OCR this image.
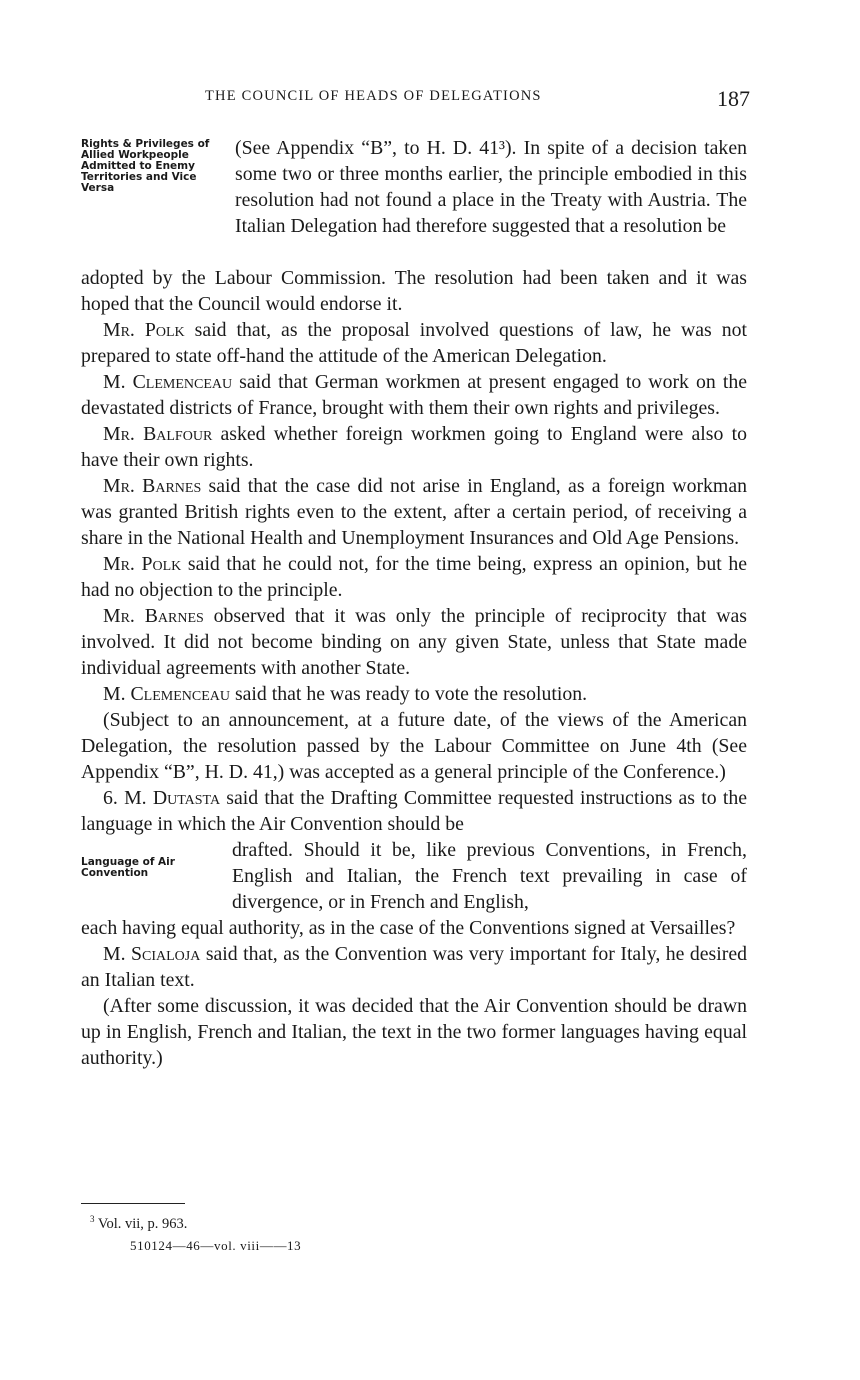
THE COUNCIL OF HEADS OF DELEGATIONS	187
Rights & Privileges of Allied Workpeople Admitted to Enemy Territories and Vice Versa

(See Appendix “B”, to H. D. 41³). In spite of a decision taken some two or three months earlier, the principle embodied in this resolution had not found a place in the Treaty with Austria. The Italian Delegation had therefore suggested that a resolution be

adopted by the Labour Commission. The resolution had been taken and it was hoped that the Council would endorse it.

Mr. Polk said that, as the proposal involved questions of law, he was not prepared to state off-hand the attitude of the American Delegation.

M. Clemenceau said that German workmen at present engaged to work on the devastated districts of France, brought with them their own rights and privileges.

Mr. Balfour asked whether foreign workmen going to England were also to have their own rights.

Mr. Barnes said that the case did not arise in England, as a foreign workman was granted British rights even to the extent, after a certain period, of receiving a share in the National Health and Unemployment Insurances and Old Age Pensions.

Mr. Polk said that he could not, for the time being, express an opinion, but he had no objection to the principle.

Mr. Barnes observed that it was only the principle of reciprocity that was involved. It did not become binding on any given State, unless that State made individual agreements with another State.

M. Clemenceau said that he was ready to vote the resolution.

(Subject to an announcement, at a future date, of the views of the American Delegation, the resolution passed by the Labour Committee on June 4th (See Appendix “B”, H. D. 41,) was accepted as a general principle of the Conference.)

6. M. Dutasta said that the Drafting Committee requested instructions as to the language in which the Air Convention should be

Language of Air Convention

drafted. Should it be, like previous Conventions, in French, English and Italian, the French text prevailing in case of divergence, or in French and English,

each having equal authority, as in the case of the Conventions signed at Versailles?

M. Scialoja said that, as the Convention was very important for Italy, he desired an Italian text.

(After some discussion, it was decided that the Air Convention should be drawn up in English, French and Italian, the text in the two former languages having equal authority.)

$^3$ Vol. vii, p. 963.
510124—46—vol. viii——13
